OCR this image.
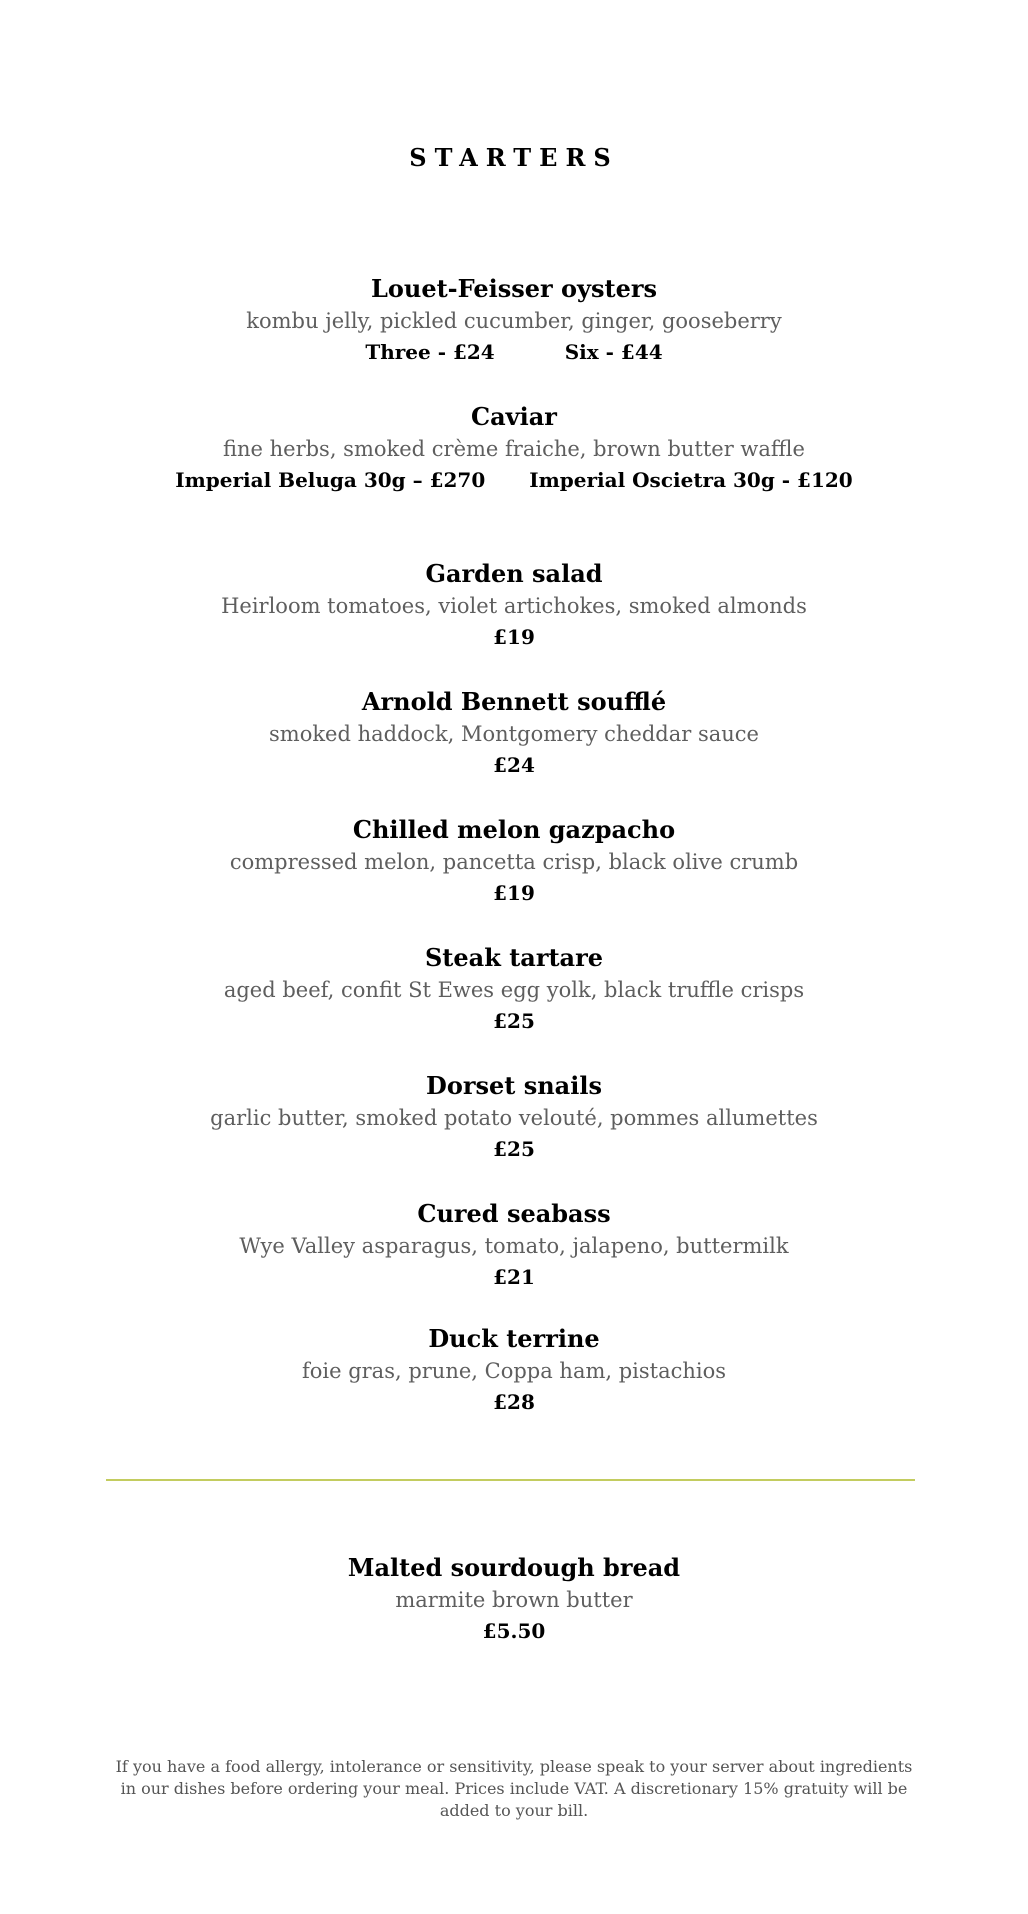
STARTERS
Louet-Feisser oysters
kombu jelly, pickled cucumber, ginger, gooseberry
Three - £24	Six - £44
Caviar
fine herbs, smoked crème fraiche, brown butter waffle
Imperial Beluga 30g – £270 Imperial Oscietra 30g - £120
Garden salad
Heirloom tomatoes, violet artichokes, smoked almonds
£19
Arnold Bennett soufflé
smoked haddock, Montgomery cheddar sauce
£24
Chilled melon gazpacho
compressed melon, pancetta crisp, black olive crumb
£19
Steak tartare
aged beef, confit St Ewes egg yolk, black truffle crisps
£25
Dorset snails
garlic butter, smoked potato velouté, pommes allumettes
£25
Cured seabass
Wye Valley asparagus, tomato, jalapeno, buttermilk
£21
Duck terrine
foie gras, prune, Coppa ham, pistachios
£28
Malted sourdough bread
marmite brown butter
£5.50
If you have a food allergy, intolerance or sensitivity, please speak to your server about ingredients in our dishes before ordering your meal. Prices include VAT. A discretionary 15% gratuity will be added to your bill.
